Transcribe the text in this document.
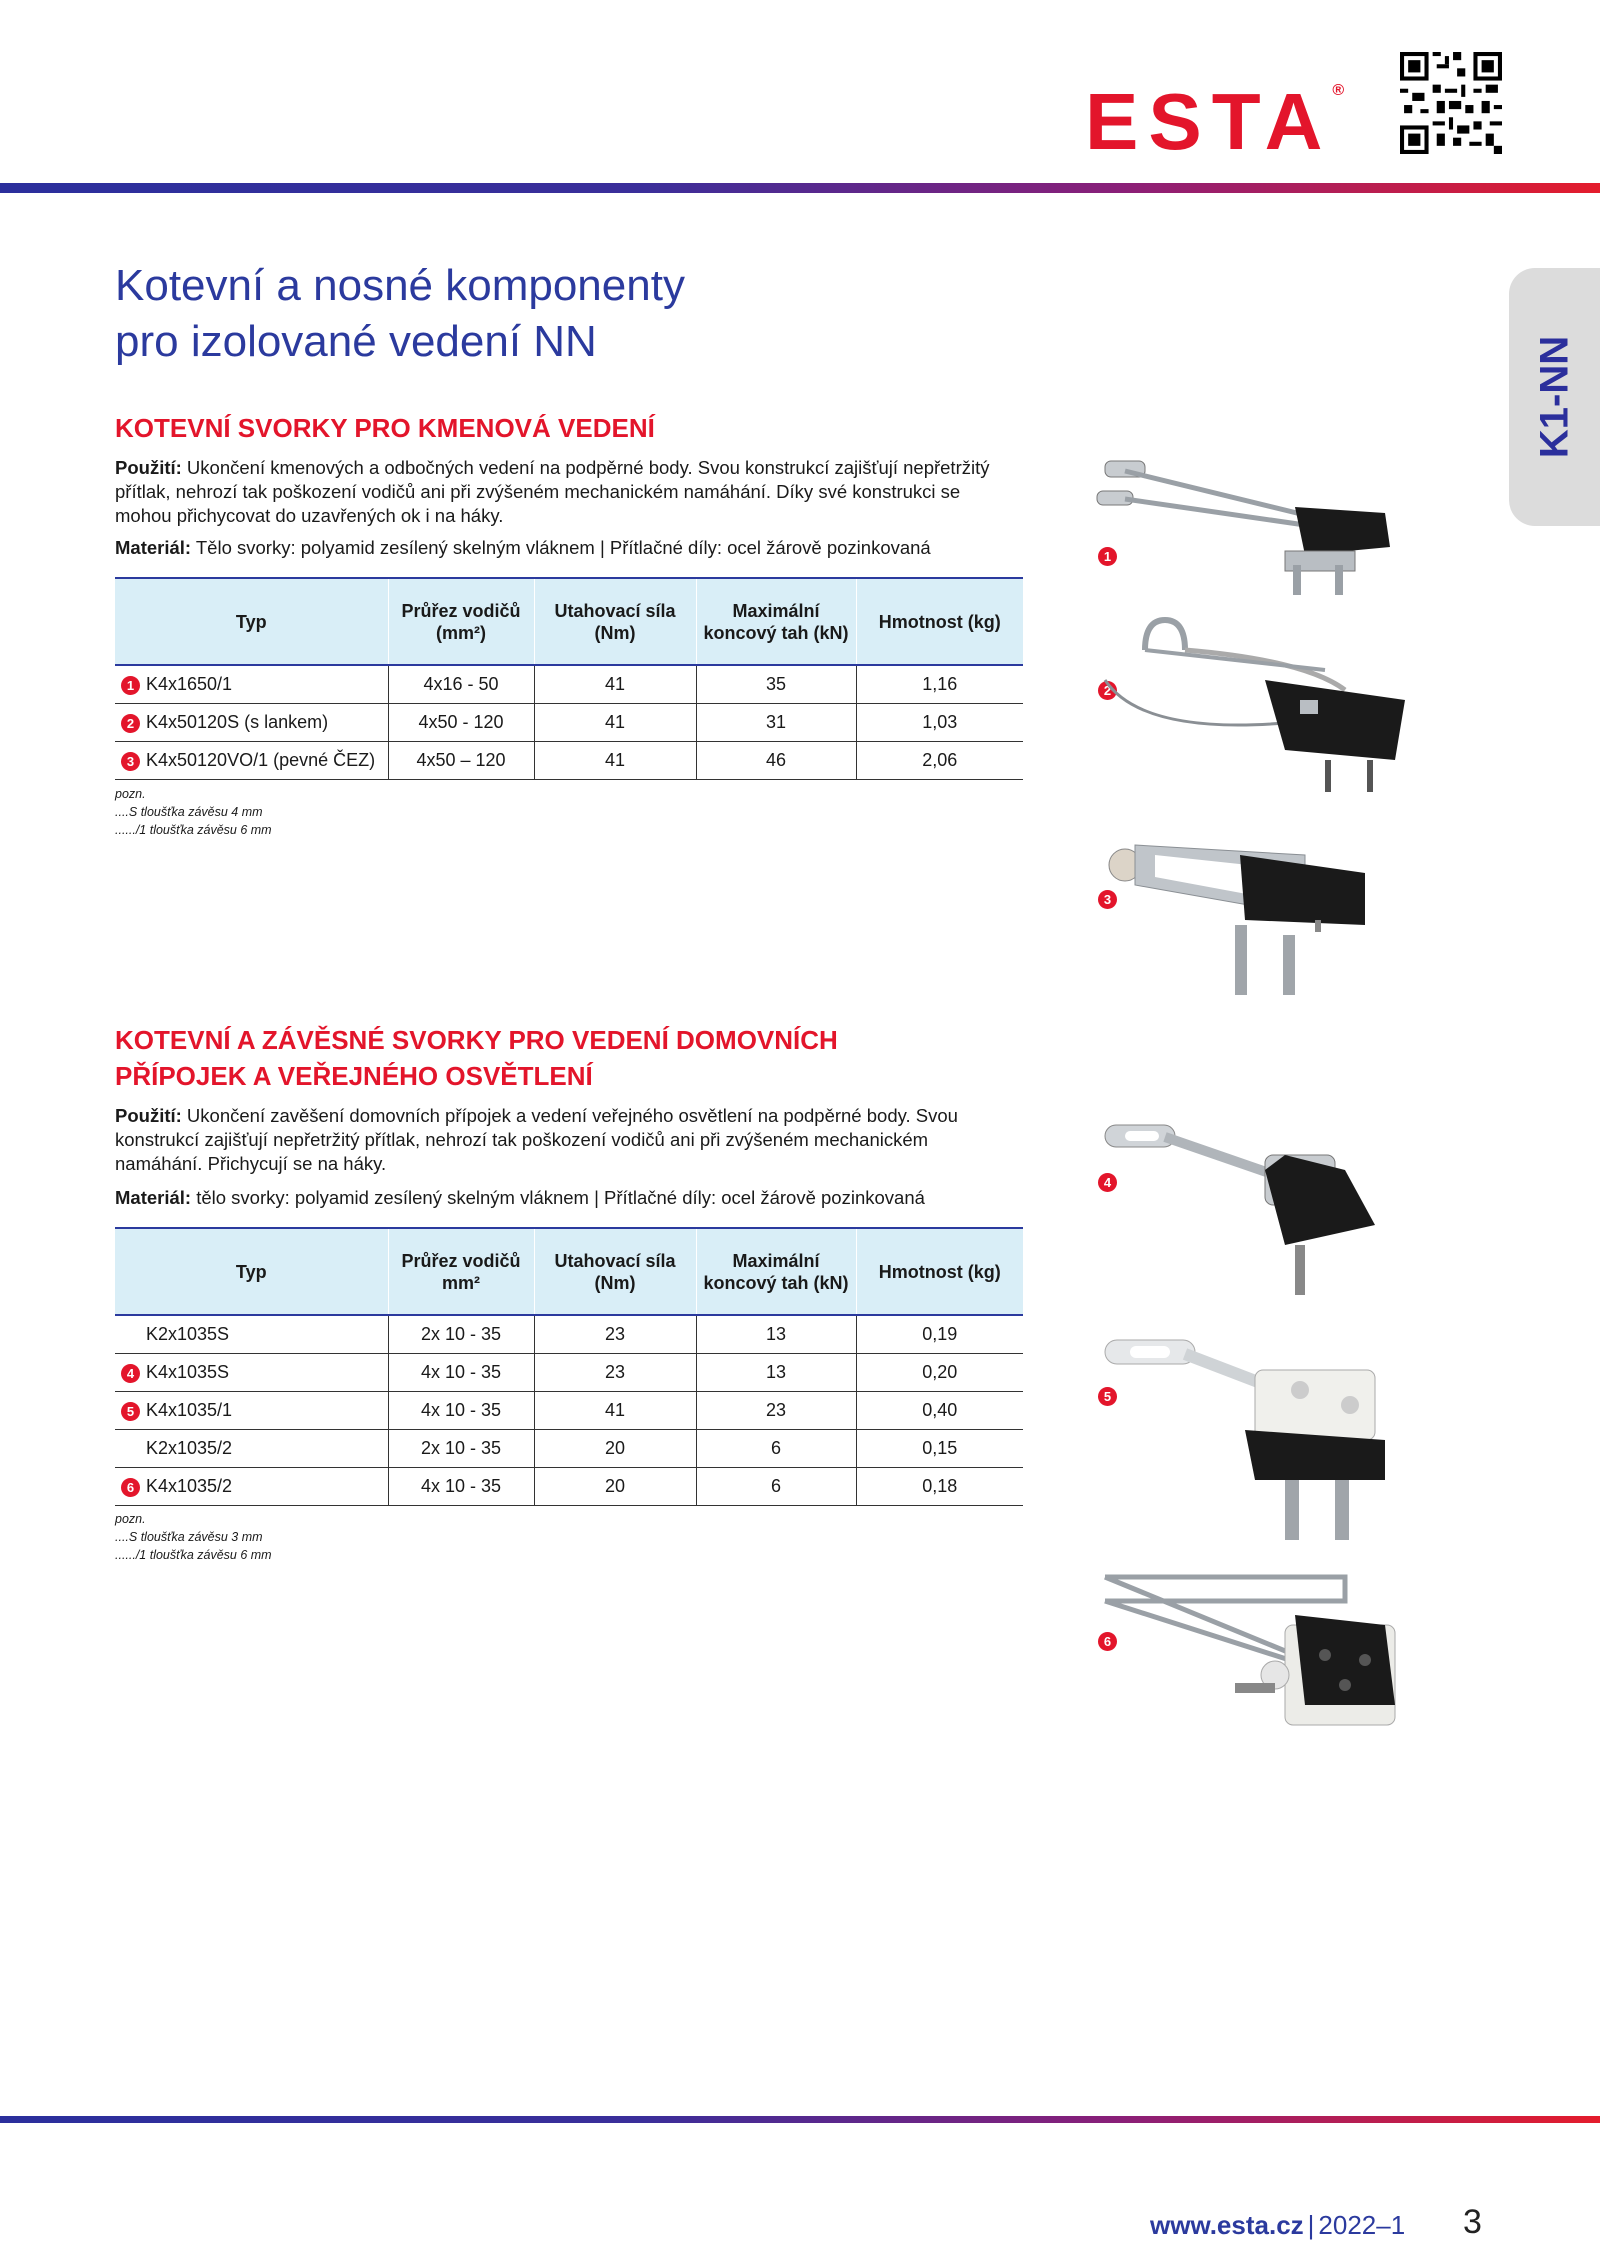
ESTA®
K1-NN
Kotevní a nosné komponenty
pro izolované vedení NN
KOTEVNÍ SVORKY PRO KMENOVÁ VEDENÍ
Použití: Ukončení kmenových a odbočných vedení na podpěrné body. Svou konstrukcí zajišťují nepřetržitý přítlak, nehrozí tak poškození vodičů ani při zvýšeném mechanickém namáhání. Díky své konstrukci se mohou přichycovat do uzavřených ok i na háky.
Materiál: Tělo svorky: polyamid zesílený skelným vláknem | Přítlačné díly: ocel žárově pozinkovaná
Typ	Průřez vodičů (mm²)	Utahovací síla (Nm)	Maximální koncový tah (kN)	Hmotnost (kg)
1 K4x1650/1	4x16 - 50	41	35	1,16
2 K4x50120S (s lankem)	4x50 - 120	41	31	1,03
3 K4x50120VO/1 (pevné ČEZ)	4x50 – 120	41	46	2,06
pozn.
....S tloušťka závěsu 4 mm
....../1 tloušťka závěsu 6 mm
KOTEVNÍ A ZÁVĚSNÉ SVORKY PRO VEDENÍ DOMOVNÍCH
PŘÍPOJEK A VEŘEJNÉHO OSVĚTLENÍ
Použití: Ukončení zavěšení domovních přípojek a vedení veřejného osvětlení na podpěrné body. Svou konstrukcí zajišťují nepřetržitý přítlak, nehrozí tak poškození vodičů ani při zvýšeném mechanickém namáhání. Přichycují se na háky.
Materiál: tělo svorky: polyamid zesílený skelným vláknem | Přítlačné díly: ocel žárově pozinkovaná
Typ	Průřez vodičů mm²	Utahovací síla (Nm)	Maximální koncový tah (kN)	Hmotnost (kg)
K2x1035S	2x 10 - 35	23	13	0,19
4 K4x1035S	4x 10 - 35	23	13	0,20
5 K4x1035/1	4x 10 - 35	41	23	0,40
K2x1035/2	2x 10 - 35	20	6	0,15
6 K4x1035/2	4x 10 - 35	20	6	0,18
pozn.
....S tloušťka závěsu 3 mm
....../1 tloušťka závěsu 6 mm
1
2
3
4
5
6
www.esta.cz | 2022–1 3
